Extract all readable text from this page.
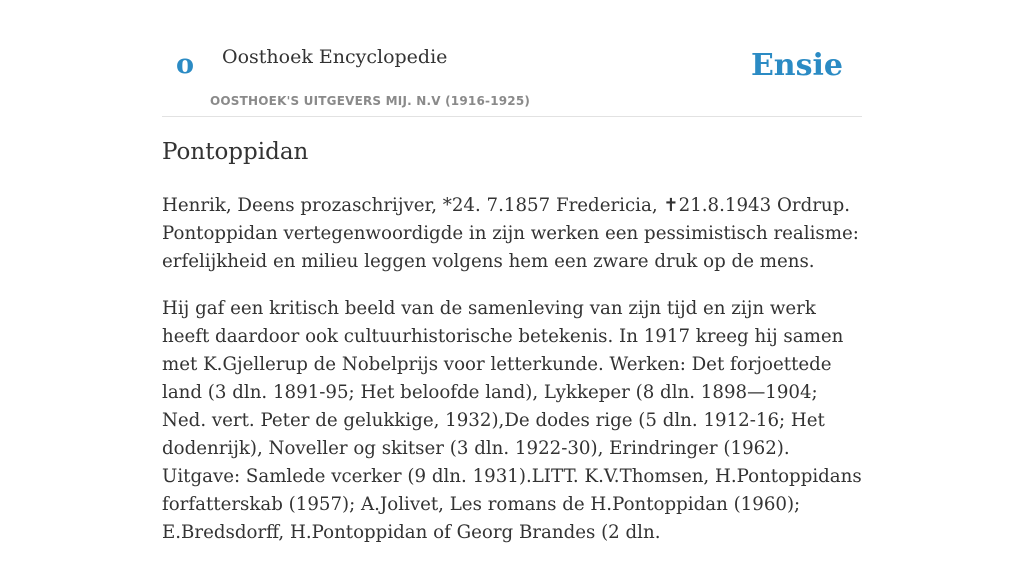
o Oosthoek Encyclopedie
OOSTHOEK'S UITGEVERS MIJ. N.V (1916-1925)
Ensie
Pontoppidan

Henrik, Deens prozaschrijver, *24. 7.1857 Fredericia, ✝21.8.1943 Ordrup. Pontoppidan vertegenwoordigde in zijn werken een pessimistisch realisme: erfelijkheid en milieu leggen volgens hem een zware druk op de mens.

Hij gaf een kritisch beeld van de samenleving van zijn tijd en zijn werk heeft daardoor ook cultuurhistorische betekenis. In 1917 kreeg hij samen met K.Gjellerup de Nobelprijs voor letterkunde. Werken: Det forjoettede land (3 dln. 1891-95; Het beloofde land), Lykkeper (8 dln. 1898—1904; Ned. vert. Peter de gelukkige, 1932),De dodes rige (5 dln. 1912-16; Het dodenrijk), Noveller og skitser (3 dln. 1922-30), Erindringer (1962). Uitgave: Samlede vcerker (9 dln. 1931).LITT. K.V.Thomsen, H.Pontoppidans forfatterskab (1957); A.Jolivet, Les romans de H.Pontoppidan (1960); E.Bredsdorff, H.Pontoppidan of Georg Brandes (2 dln.
